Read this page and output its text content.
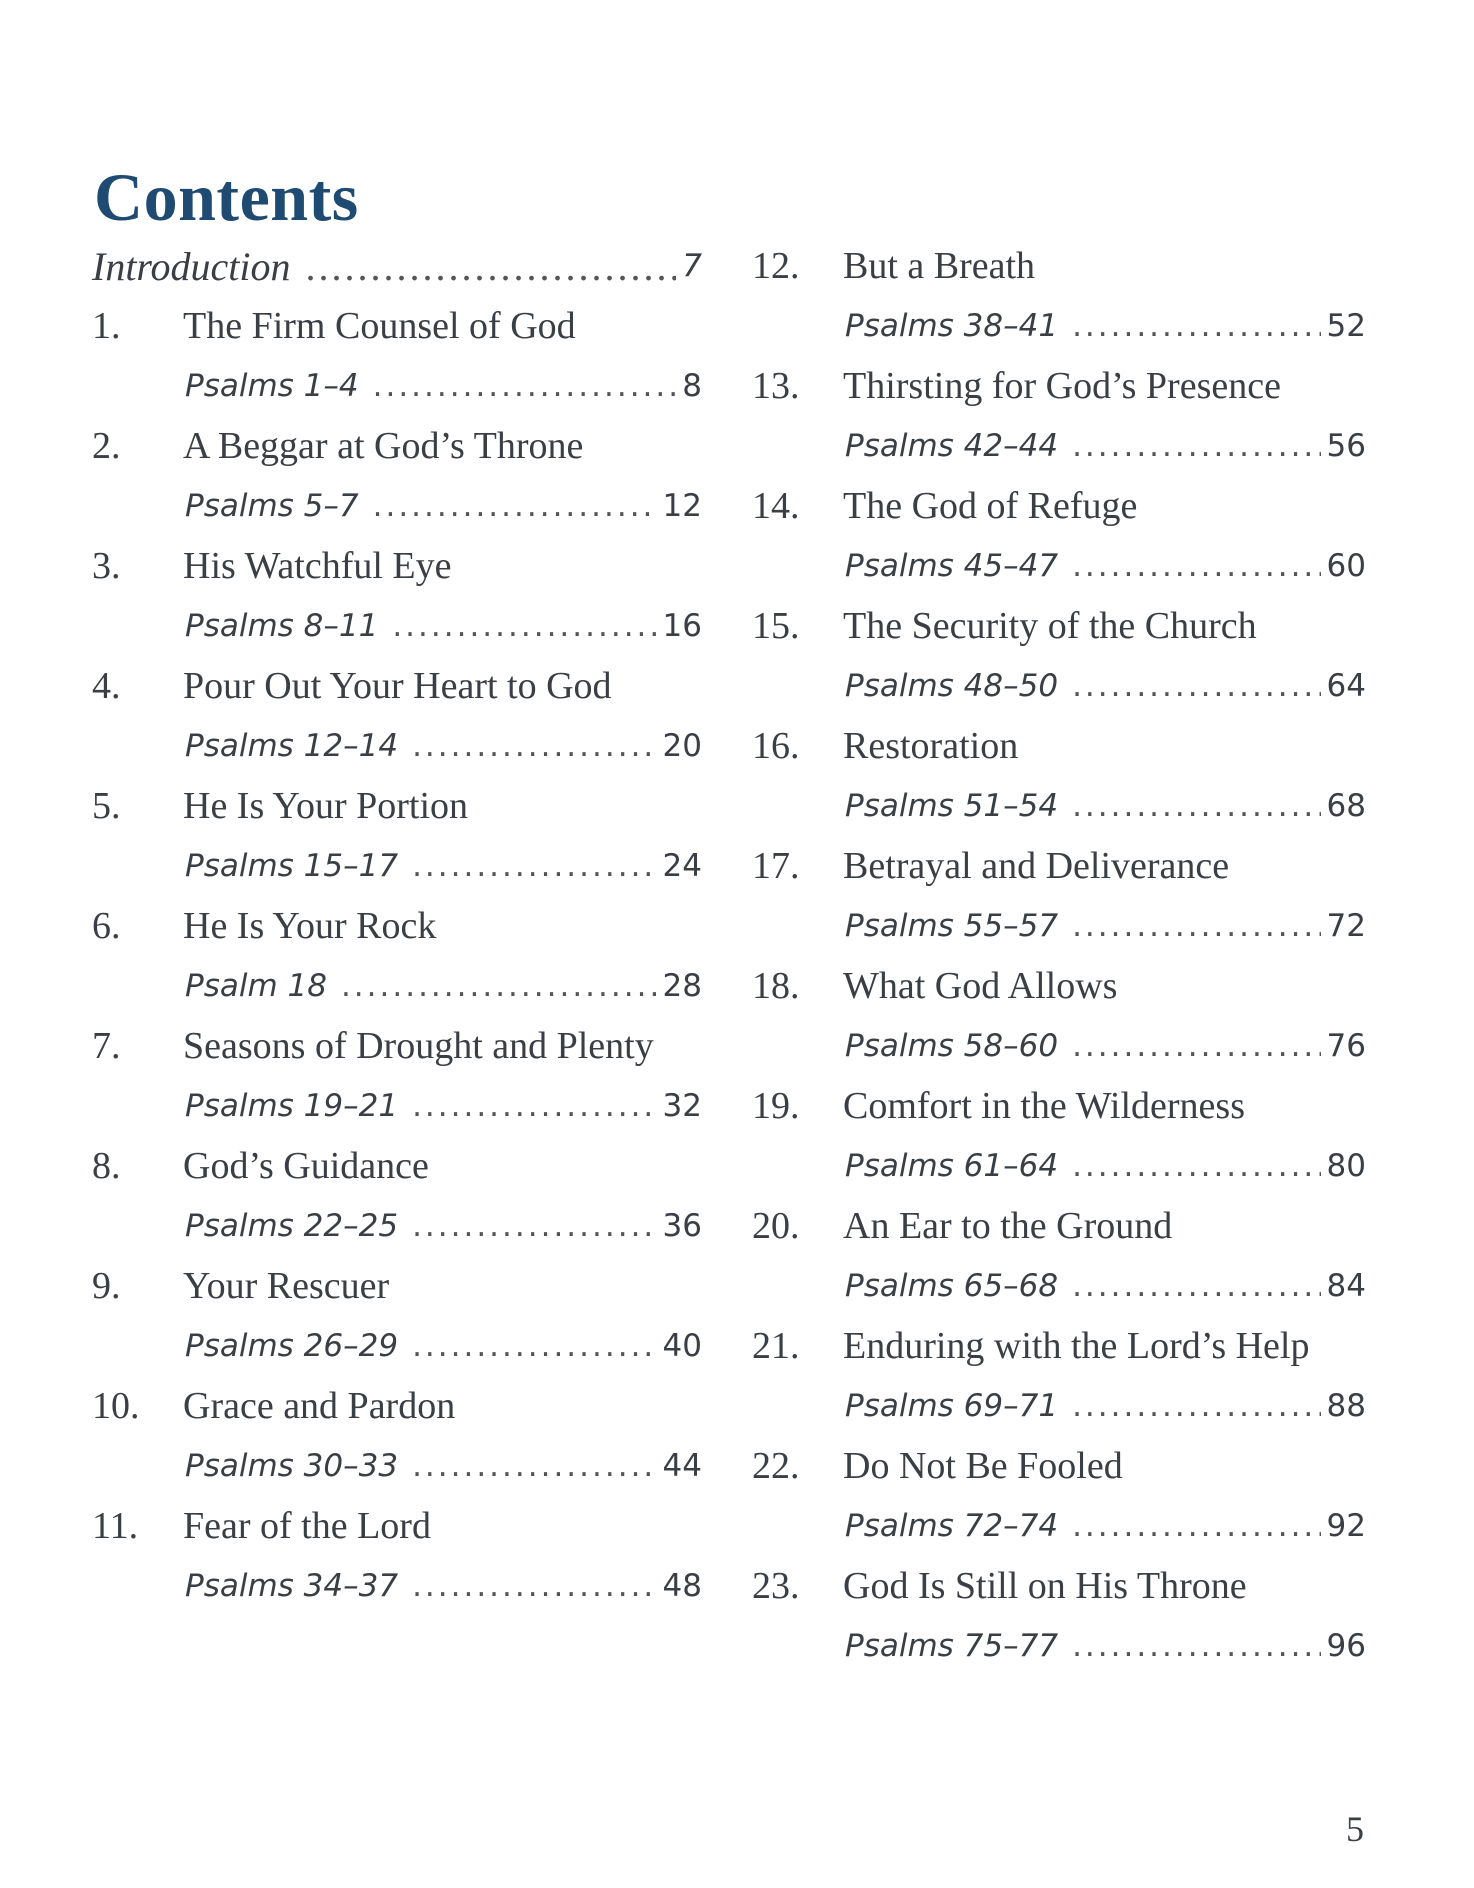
Contents
Introduction .....	7
1.	The Firm Counsel of God
Psalms 1–4 .....	8
2.	A Beggar at God’s Throne
Psalms 5–7 .....	12
3.	His Watchful Eye
Psalms 8–11 .....	16
4.	Pour Out Your Heart to God
Psalms 12–14 .....	20
5.	He Is Your Portion
Psalms 15–17 .....	24
6.	He Is Your Rock
Psalm 18 .....	28
7.	Seasons of Drought and Plenty
Psalms 19–21 .....	32
8.	God’s Guidance
Psalms 22–25 .....	36
9.	Your Rescuer
Psalms 26–29 .....	40
10.	Grace and Pardon
Psalms 30–33 .....	44
11.	Fear of the Lord
Psalms 34–37 .....	48
12.	But a Breath
Psalms 38–41 .....	52
13.	Thirsting for God’s Presence
Psalms 42–44 .....	56
14.	The God of Refuge
Psalms 45–47 .....	60
15.	The Security of the Church
Psalms 48–50 .....	64
16.	Restoration
Psalms 51–54 .....	68
17.	Betrayal and Deliverance
Psalms 55–57 .....	72
18.	What God Allows
Psalms 58–60 .....	76
19.	Comfort in the Wilderness
Psalms 61–64 .....	80
20.	An Ear to the Ground
Psalms 65–68 .....	84
21.	Enduring with the Lord’s Help
Psalms 69–71 .....	88
22.	Do Not Be Fooled
Psalms 72–74 .....	92
23.	God Is Still on His Throne
Psalms 75–77 .....	96
5
